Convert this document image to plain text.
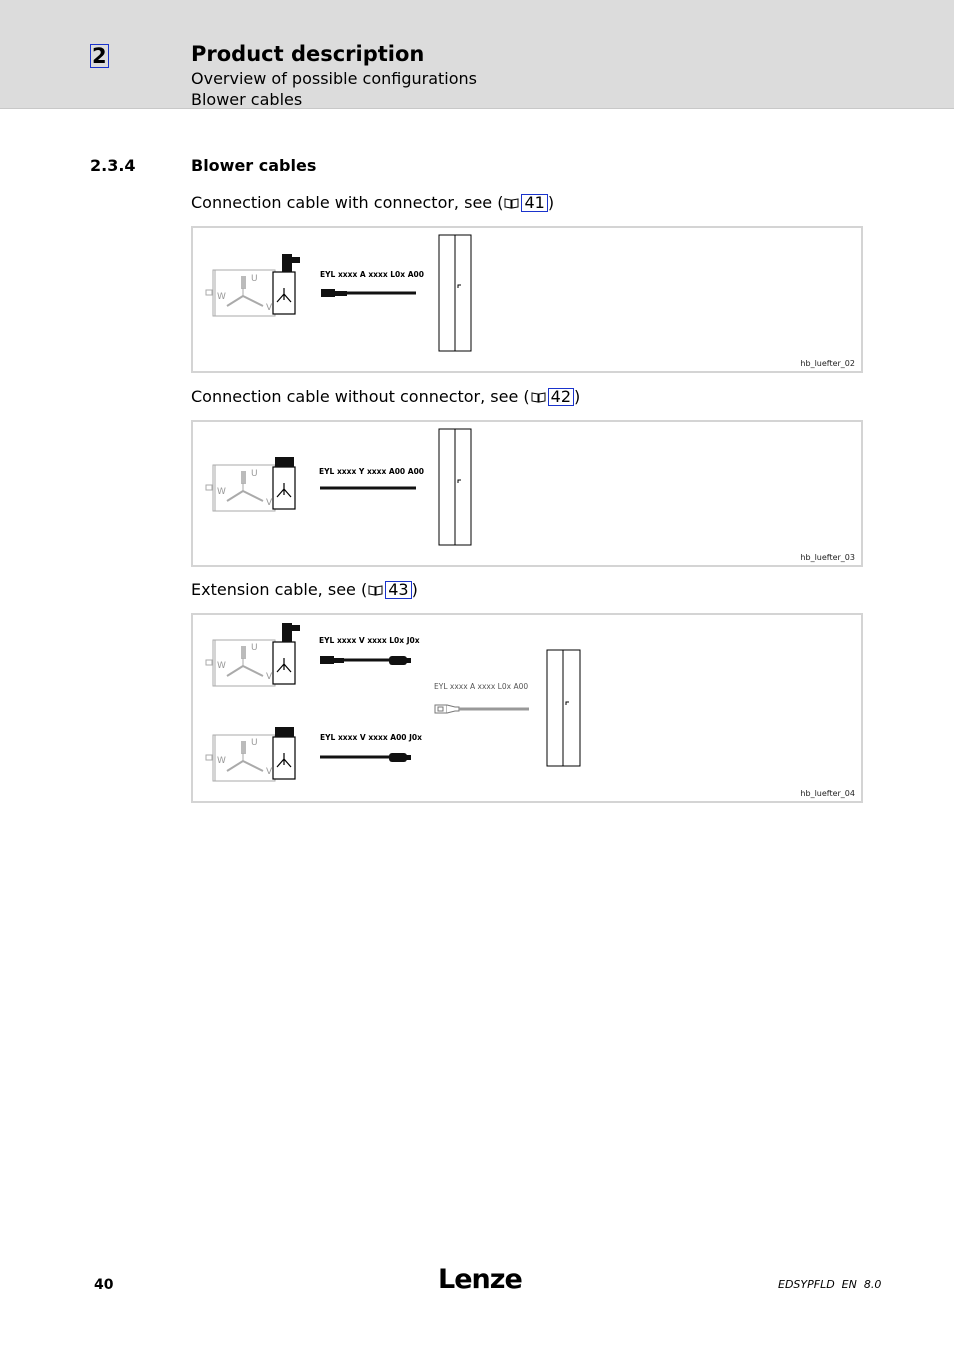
2	Product description
Overview of possible configurations
Blower cables
2.3.4	Blower cables
Connection cable with connector, see ( 41 )
EYL xxxx A xxxx L0x A00
hb_luefter_02
U
V
W
Connection cable without connector, see ( 42 )
EYL xxxx Y xxxx A00 A00
hb_luefter_03
U
V
W
Extension cable, see ( 43 )
EYL xxxx V xxxx L0x J0x
EYL xxxx V xxxx A00 J0x
EYL xxxx A xxxx L0x A00
hb_luefter_04
U
V
W
U
V
W
40	Lenze	EDSYPFLD  EN  8.0
